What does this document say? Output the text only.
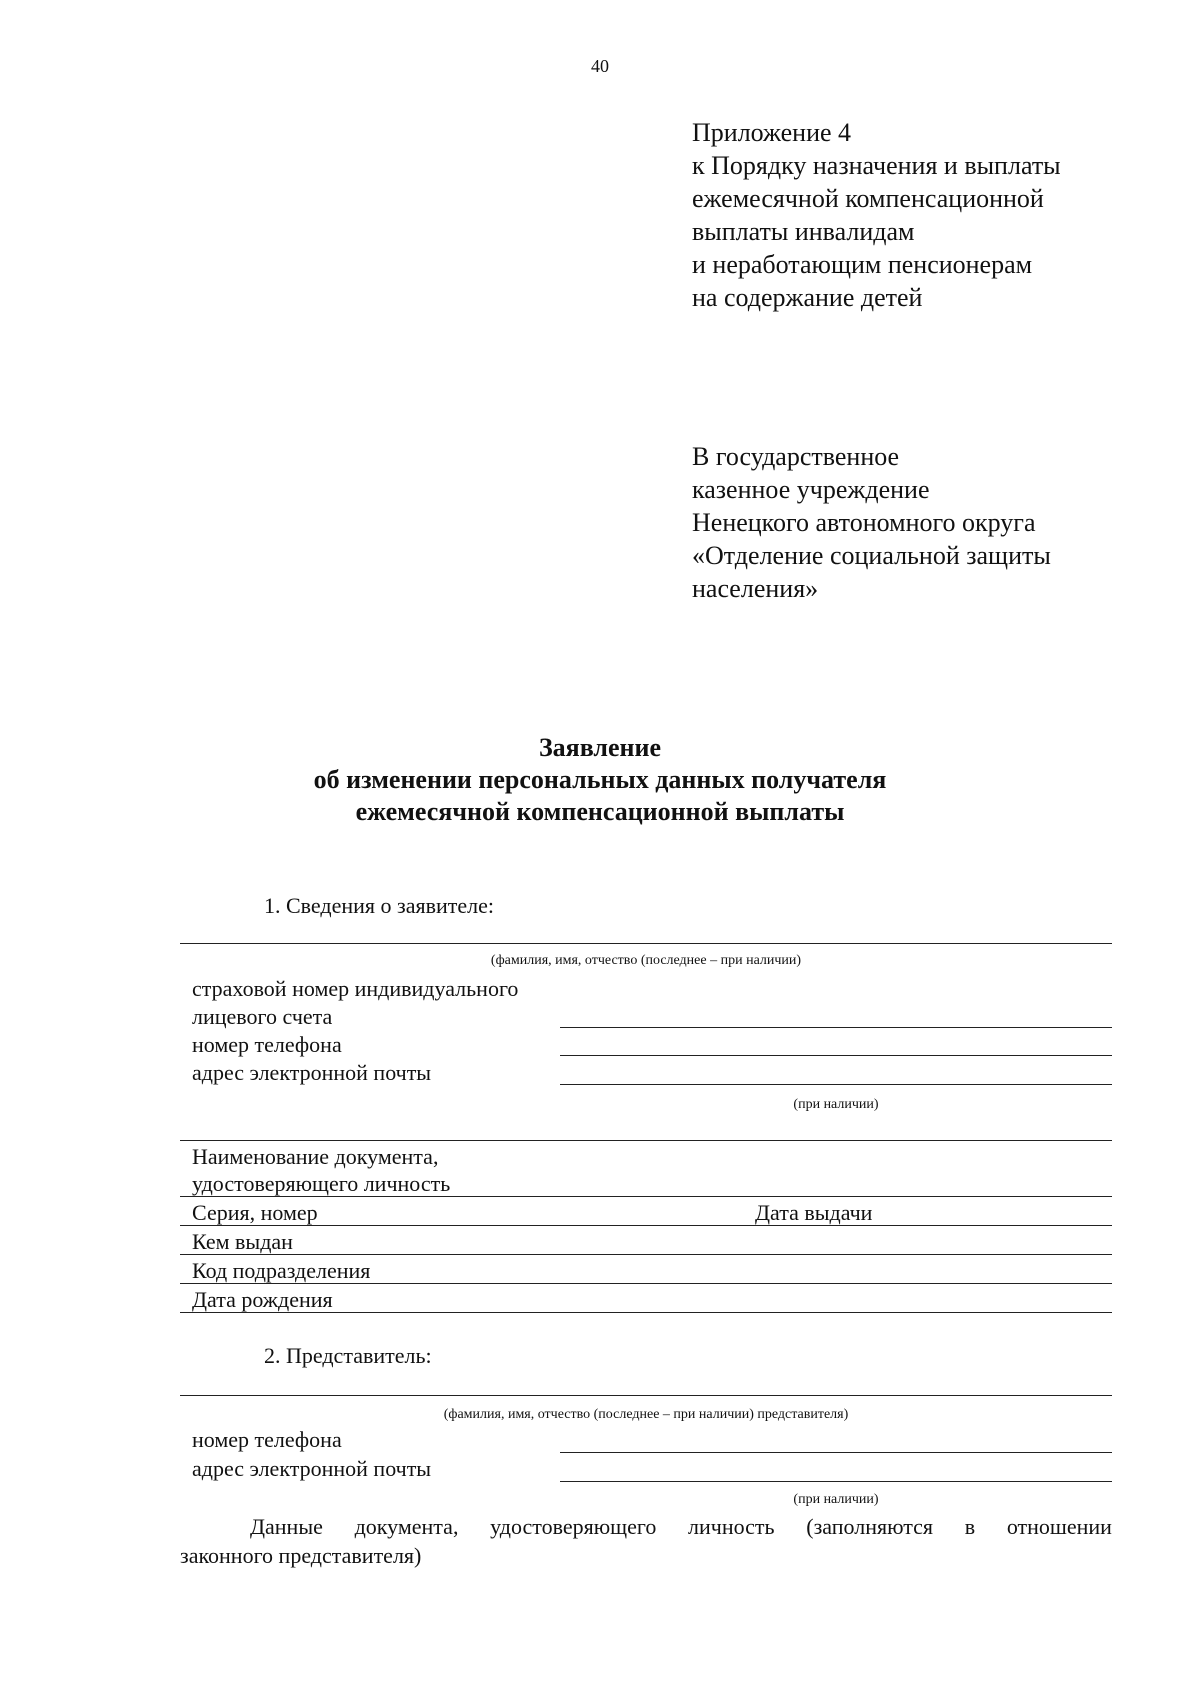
40
Приложение 4
к Порядку назначения и выплаты
ежемесячной компенсационной
выплаты инвалидам
и неработающим пенсионерам
на содержание детей
В государственное
казенное учреждение
Ненецкого автономного округа
«Отделение социальной защиты
населения»
Заявление
об изменении персональных данных получателя
ежемесячной компенсационной выплаты
1. Сведения о заявителе:
(фамилия, имя, отчество (последнее – при наличии)
страховой номер индивидуального
лицевого счета
номер телефона
адрес электронной почты
(при наличии)
Наименование документа,
удостоверяющего личность
Серия, номер	Дата выдачи
Кем выдан
Код подразделения
Дата рождения
2. Представитель:
(фамилия, имя, отчество (последнее – при наличии) представителя)
номер телефона
адрес электронной почты
(при наличии)
Данные документа, удостоверяющего личность (заполняются в отношении
законного представителя)
